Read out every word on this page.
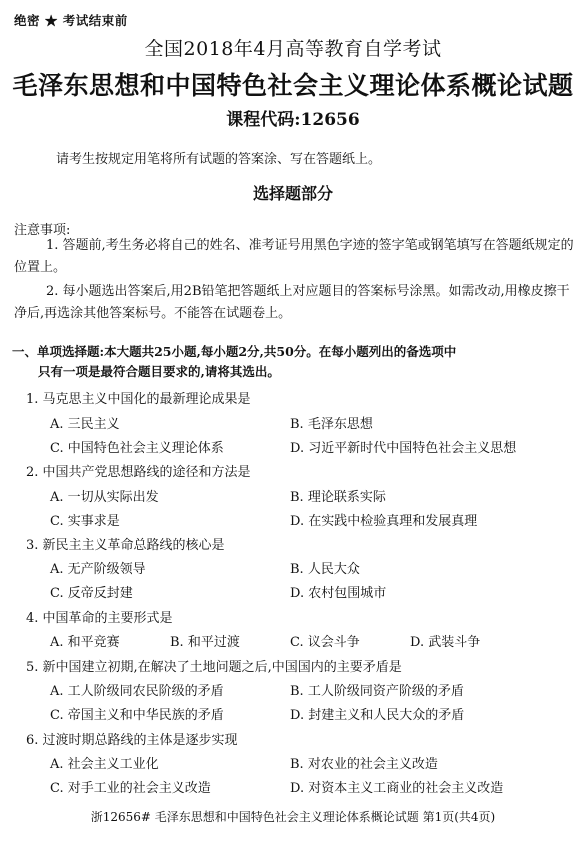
绝密 ★ 考试结束前
全国2018年4月高等教育自学考试
毛泽东思想和中国特色社会主义理论体系概论试题
课程代码:12656
请考生按规定用笔将所有试题的答案涂、写在答题纸上。
选择题部分
注意事项:
1. 答题前,考生务必将自己的姓名、准考证号用黑色字迹的签字笔或钢笔填写在答题纸规定的位置上。
2. 每小题选出答案后,用2B铅笔把答题纸上对应题目的答案标号涂黑。如需改动,用橡皮擦干净后,再选涂其他答案标号。不能答在试题卷上。
一、单项选择题:本大题共25小题,每小题2分,共50分。在每小题列出的备选项中
只有一项是最符合题目要求的,请将其选出。
1. 马克思主义中国化的最新理论成果是
A. 三民主义	B. 毛泽东思想
C. 中国特色社会主义理论体系	D. 习近平新时代中国特色社会主义思想
2. 中国共产党思想路线的途径和方法是
A. 一切从实际出发	B. 理论联系实际
C. 实事求是	D. 在实践中检验真理和发展真理
3. 新民主主义革命总路线的核心是
A. 无产阶级领导	B. 人民大众
C. 反帝反封建	D. 农村包围城市
4. 中国革命的主要形式是
A. 和平竞赛	B. 和平过渡	C. 议会斗争	D. 武装斗争
5. 新中国建立初期,在解决了土地问题之后,中国国内的主要矛盾是
A. 工人阶级同农民阶级的矛盾	B. 工人阶级同资产阶级的矛盾
C. 帝国主义和中华民族的矛盾	D. 封建主义和人民大众的矛盾
6. 过渡时期总路线的主体是逐步实现
A. 社会主义工业化	B. 对农业的社会主义改造
C. 对手工业的社会主义改造	D. 对资本主义工商业的社会主义改造
浙12656# 毛泽东思想和中国特色社会主义理论体系概论试题 第1页(共4页)
